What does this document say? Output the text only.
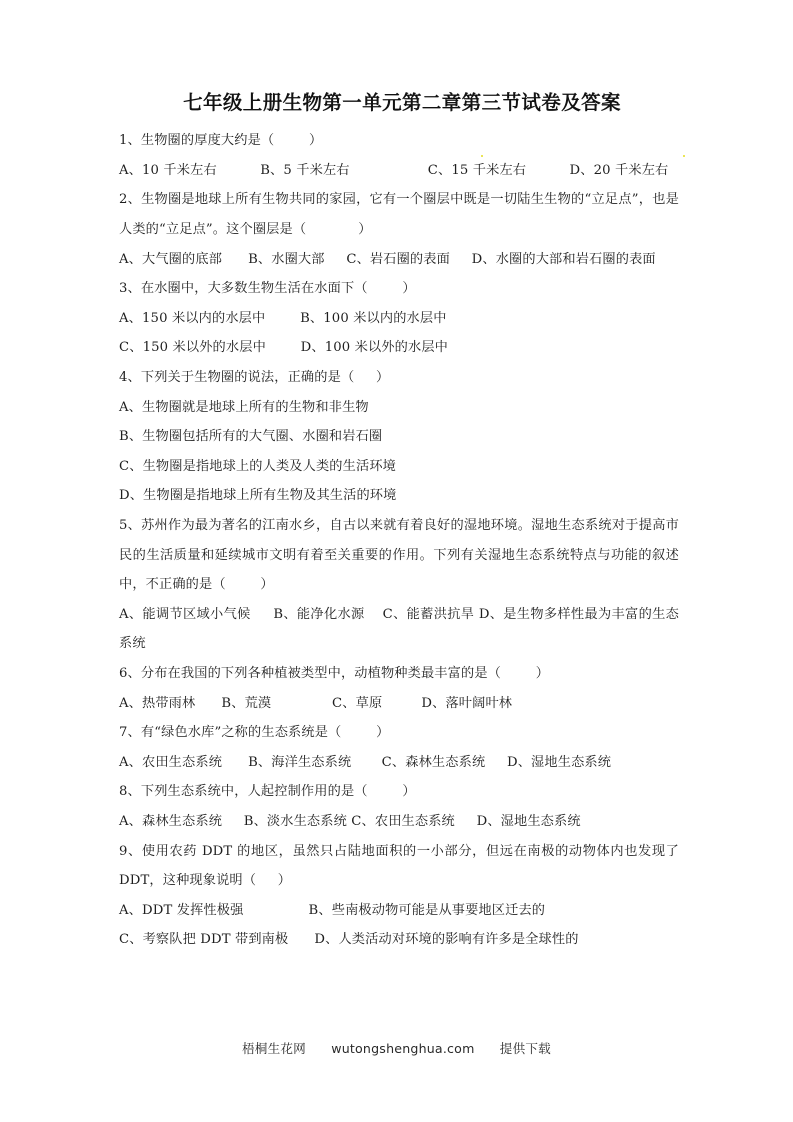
七年级上册生物第一单元第二章第三节试卷及答案
1、生物圈的厚度大约是（        ）
A、10 千米左右          B、5 千米左右                  C、15 千米左右          D、20 千米左右
2、生物圈是地球上所有生物共同的家园，它有一个圈层中既是一切陆生生物的“立足点”，也是人类的“立足点”。这个圈层是（            ）
A、大气圈的底部      B、水圈大部     C、岩石圈的表面     D、水圈的大部和岩石圈的表面
3、在水圈中，大多数生物生活在水面下（        ）
A、150 米以内的水层中        B、100 米以内的水层中
C、150 米以外的水层中        D、100 米以外的水层中
4、下列关于生物圈的说法，正确的是（     ）
A、生物圈就是地球上所有的生物和非生物
B、生物圈包括所有的大气圈、水圈和岩石圈
C、生物圈是指地球上的人类及人类的生活环境
D、生物圈是指地球上所有生物及其生活的环境
5、苏州作为最为著名的江南水乡，自古以来就有着良好的湿地环境。湿地生态系统对于提高市民的生活质量和延续城市文明有着至关重要的作用。下列有关湿地生态系统特点与功能的叙述中，不正确的是（        ）
A、能调节区域小气候     B、能净化水源    C、能蓄洪抗旱 D、是生物多样性最为丰富的生态系统
6、分布在我国的下列各种植被类型中，动植物种类最丰富的是（        ）
A、热带雨林      B、荒漠              C、草原         D、落叶阔叶林
7、有“绿色水库”之称的生态系统是（        ）
A、农田生态系统      B、海洋生态系统       C、森林生态系统     D、湿地生态系统
8、下列生态系统中，人起控制作用的是（        ）
A、森林生态系统     B、淡水生态系统 C、农田生态系统     D、湿地生态系统
9、使用农药 DDT 的地区，虽然只占陆地面积的一小部分，但远在南极的动物体内也发现了DDT，这种现象说明（     ）
A、DDT 发挥性极强               B、些南极动物可能是从事要地区迁去的
C、考察队把 DDT 带到南极      D、人类活动对环境的影响有许多是全球性的
梧桐生花网 wutongshenghua.com 提供下载
